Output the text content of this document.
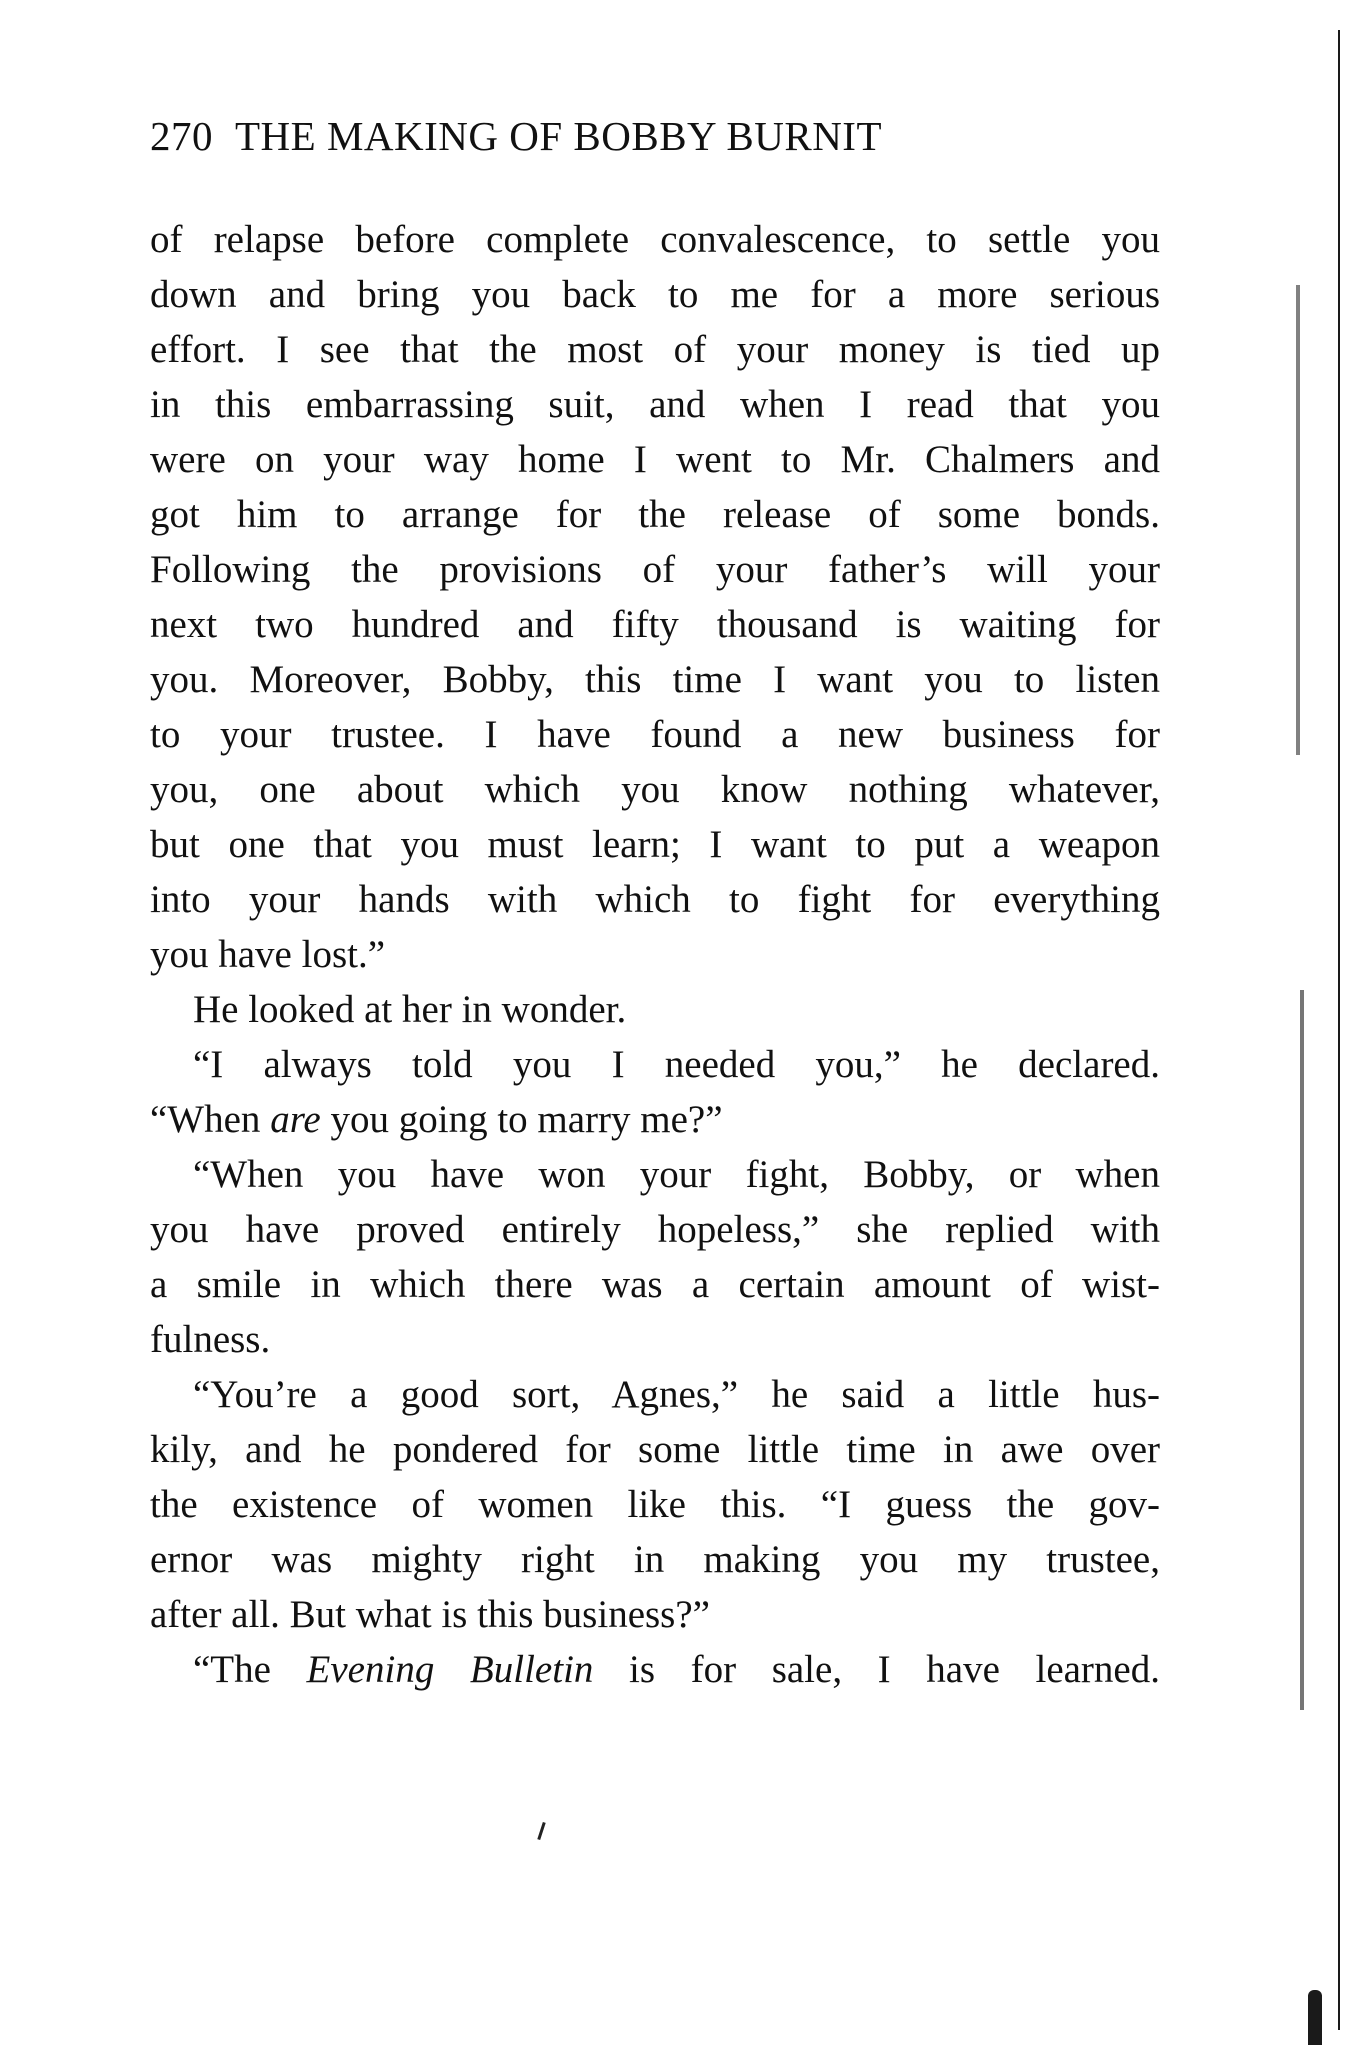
270 THE MAKING OF BOBBY BURNIT
of relapse before complete convalescence, to settle you
down and bring you back to me for a more serious
effort. I see that the most of your money is tied up
in this embarrassing suit, and when I read that you
were on your way home I went to Mr. Chalmers and
got him to arrange for the release of some bonds.
Following the provisions of your father’s will your
next two hundred and fifty thousand is waiting for
you. Moreover, Bobby, this time I want you to listen
to your trustee. I have found a new business for
you, one about which you know nothing whatever,
but one that you must learn; I want to put a weapon
into your hands with which to fight for everything
you have lost.”
He looked at her in wonder.
“I always told you I needed you,” he declared.
“When are you going to marry me?”
“When you have won your fight, Bobby, or when
you have proved entirely hopeless,” she replied with
a smile in which there was a certain amount of wist-
fulness.
“You’re a good sort, Agnes,” he said a little hus-
kily, and he pondered for some little time in awe over
the existence of women like this. “I guess the gov-
ernor was mighty right in making you my trustee,
after all. But what is this business?”
“The Evening Bulletin is for sale, I have learned.
